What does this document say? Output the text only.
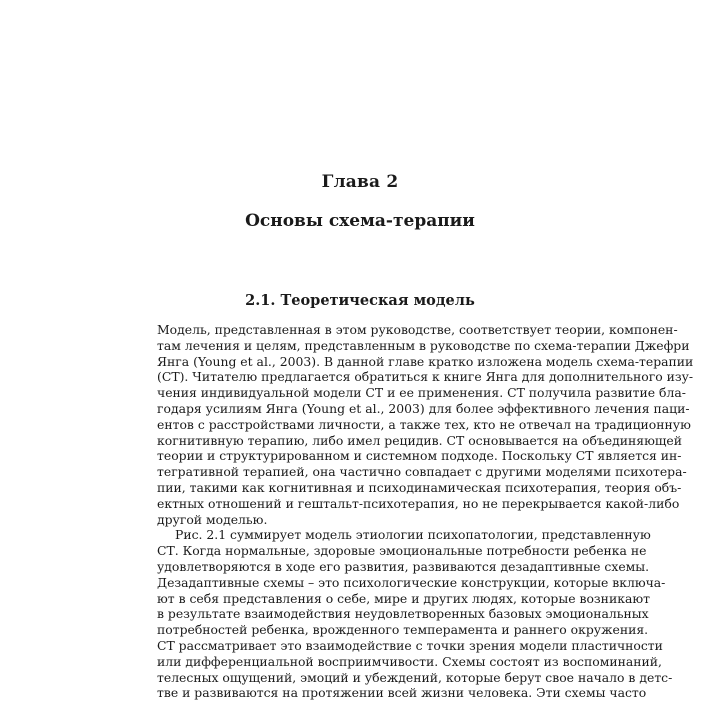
Глава 2
Основы схема-терапии
2.1. Теоретическая модель
Модель, представленная в этом руководстве, соответствует теории, компонен-
там лечения и целям, представленным в руководстве по схема-терапии Джефри
Янга (Young et al., 2003). В данной главе кратко изложена модель схема-терапии
(СТ). Читателю предлагается обратиться к книге Янга для дополнительного изу-
чения индивидуальной модели СТ и ее применения. СТ получила развитие бла-
годаря усилиям Янга (Young et al., 2003) для более эффективного лечения паци-
ентов с расстройствами личности, а также тех, кто не отвечал на традиционную
когнитивную терапию, либо имел рецидив. СТ основывается на объединяющей
теории и структурированном и системном подходе. Поскольку СТ является ин-
тегративной терапией, она частично совпадает с другими моделями психотера-
пии, такими как когнитивная и психодинамическая психотерапия, теория объ-
ектных отношений и гештальт-психотерапия, но не перекрывается какой-либо
другой моделью.
Рис. 2.1 суммирует модель этиологии психопатологии, представленную
СТ. Когда нормальные, здоровые эмоциональные потребности ребенка не
удовлетворяются в ходе его развития, развиваются дезадаптивные схемы.
Дезадаптивные схемы – это психологические конструкции, которые включа-
ют в себя представления о себе, мире и других людях, которые возникают
в результате взаимодействия неудовлетворенных базовых эмоциональных
потребностей ребенка, врожденного темперамента и раннего окружения.
СТ рассматривает это взаимодействие с точки зрения модели пластичности
или дифференциальной восприимчивости. Схемы состоят из воспоминаний,
телесных ощущений, эмоций и убеждений, которые берут свое начало в детс-
тве и развиваются на протяжении всей жизни человека. Эти схемы часто
